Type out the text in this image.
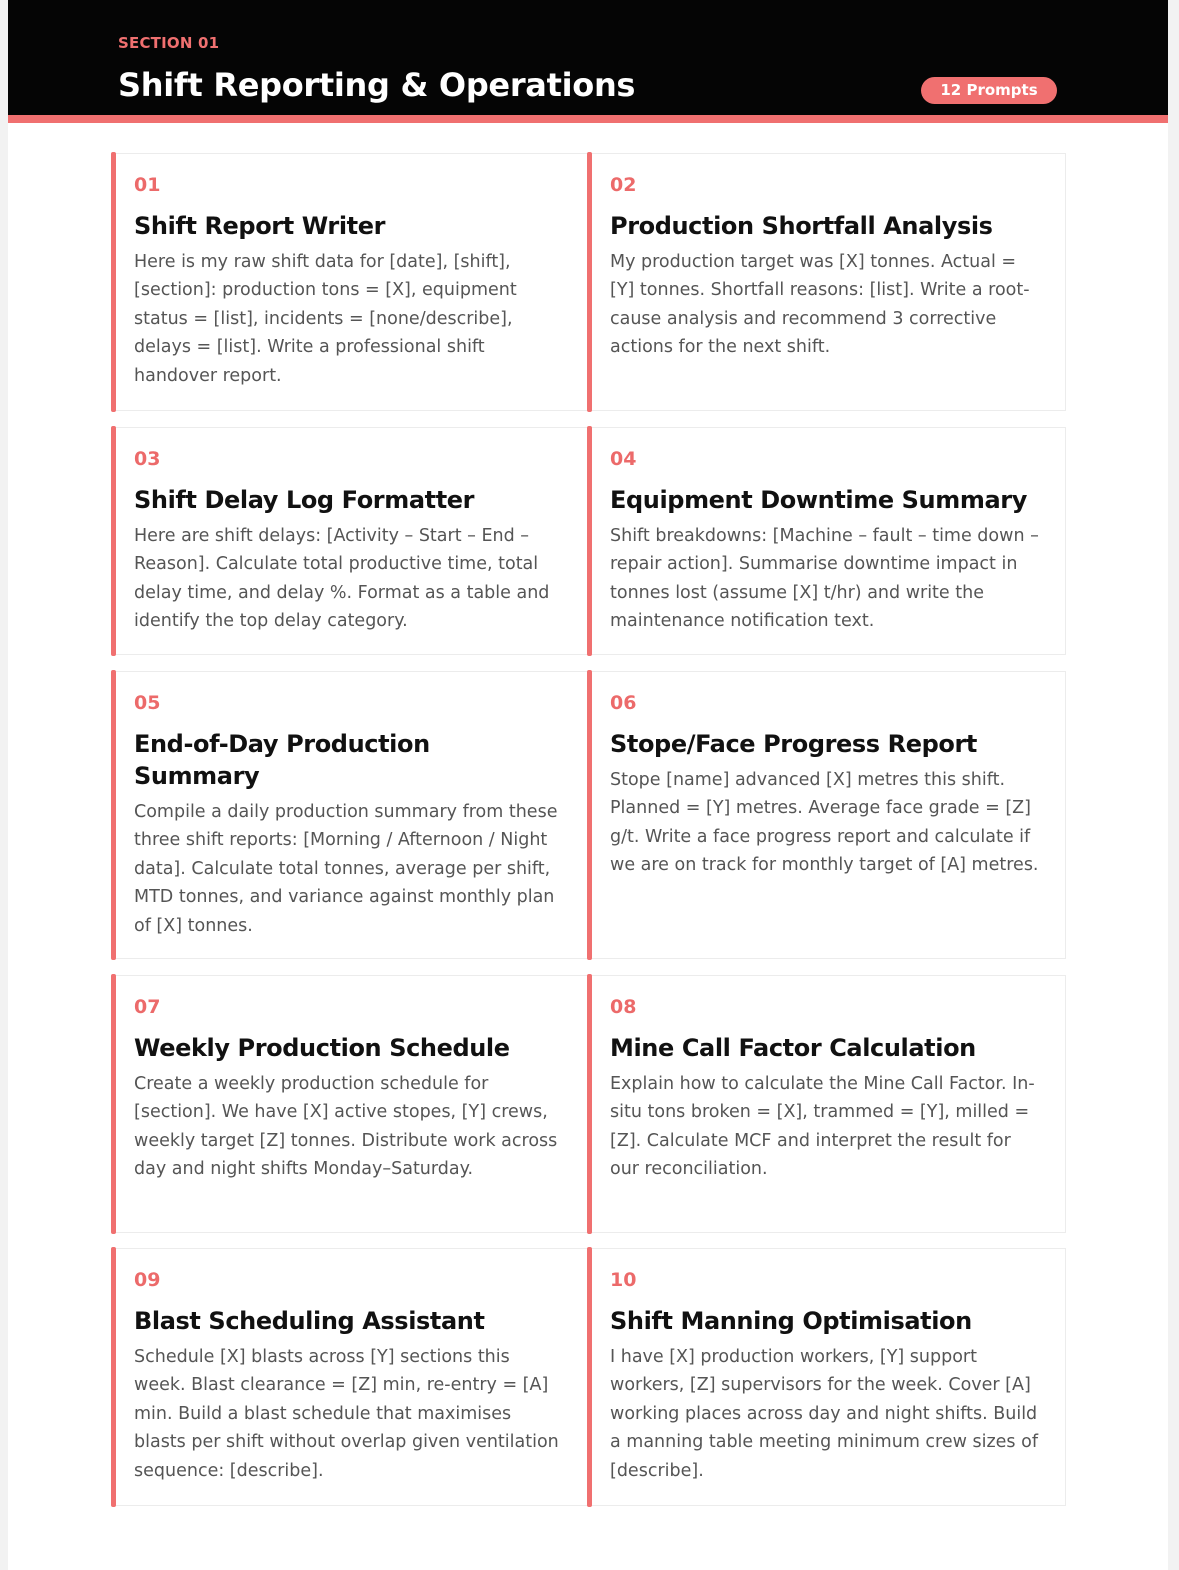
SECTION 01
Shift Reporting & Operations	12 Prompts
01
Shift Report Writer
Here is my raw shift data for [date], [shift], [section]: production tons = [X], equipment status = [list], incidents = [none/describe], delays = [list]. Write a professional shift handover report.
02
Production Shortfall Analysis
My production target was [X] tonnes. Actual = [Y] tonnes. Shortfall reasons: [list]. Write a root-cause analysis and recommend 3 corrective actions for the next shift.
03
Shift Delay Log Formatter
Here are shift delays: [Activity – Start – End – Reason]. Calculate total productive time, total delay time, and delay %. Format as a table and identify the top delay category.
04
Equipment Downtime Summary
Shift breakdowns: [Machine – fault – time down – repair action]. Summarise downtime impact in tonnes lost (assume [X] t/hr) and write the maintenance notification text.
05
End-of-Day Production Summary
Compile a daily production summary from these three shift reports: [Morning / Afternoon / Night data]. Calculate total tonnes, average per shift, MTD tonnes, and variance against monthly plan of [X] tonnes.
06
Stope/Face Progress Report
Stope [name] advanced [X] metres this shift. Planned = [Y] metres. Average face grade = [Z] g/t. Write a face progress report and calculate if we are on track for monthly target of [A] metres.
07
Weekly Production Schedule
Create a weekly production schedule for [section]. We have [X] active stopes, [Y] crews, weekly target [Z] tonnes. Distribute work across day and night shifts Monday–Saturday.
08
Mine Call Factor Calculation
Explain how to calculate the Mine Call Factor. In-situ tons broken = [X], trammed = [Y], milled = [Z]. Calculate MCF and interpret the result for our reconciliation.
09
Blast Scheduling Assistant
Schedule [X] blasts across [Y] sections this week. Blast clearance = [Z] min, re-entry = [A] min. Build a blast schedule that maximises blasts per shift without overlap given ventilation sequence: [describe].
10
Shift Manning Optimisation
I have [X] production workers, [Y] support workers, [Z] supervisors for the week. Cover [A] working places across day and night shifts. Build a manning table meeting minimum crew sizes of [describe].
